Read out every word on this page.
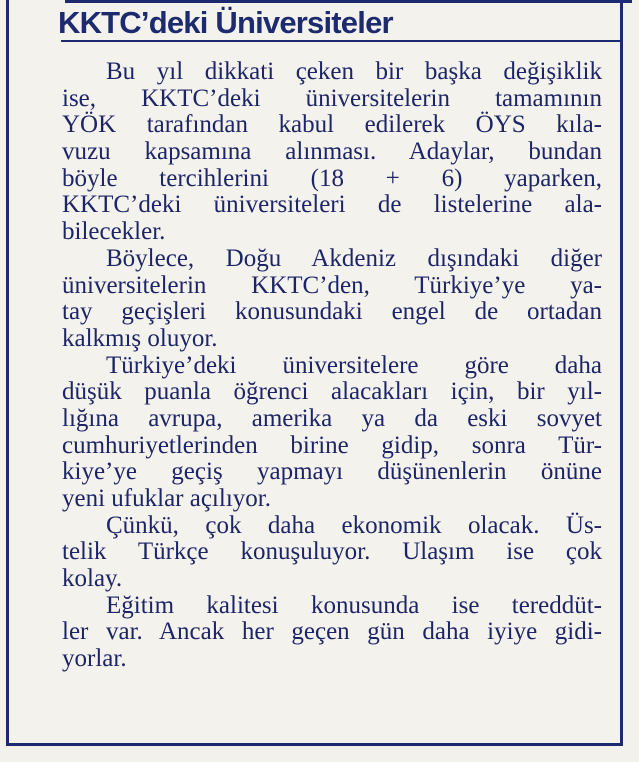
KKTC’deki Üniversiteler
Bu yıl dikkati çeken bir başka değişiklik
ise, KKTC’deki üniversitelerin tamamının
YÖK tarafından kabul edilerek ÖYS kıla-
vuzu kapsamına alınması. Adaylar, bundan
böyle tercihlerini (18 + 6) yaparken,
KKTC’deki üniversiteleri de listelerine ala-
bilecekler.
Böylece, Doğu Akdeniz dışındaki diğer
üniversitelerin KKTC’den, Türkiye’ye ya-
tay geçişleri konusundaki engel de ortadan
kalkmış oluyor.
Türkiye’deki üniversitelere göre daha
düşük puanla öğrenci alacakları için, bir yıl-
lığına avrupa, amerika ya da eski sovyet
cumhuriyetlerinden birine gidip, sonra Tür-
kiye’ye geçiş yapmayı düşünenlerin önüne
yeni ufuklar açılıyor.
Çünkü, çok daha ekonomik olacak. Üs-
telik Türkçe konuşuluyor. Ulaşım ise çok
kolay.
Eğitim kalitesi konusunda ise tereddüt-
ler var. Ancak her geçen gün daha iyiye gidi-
yorlar.
